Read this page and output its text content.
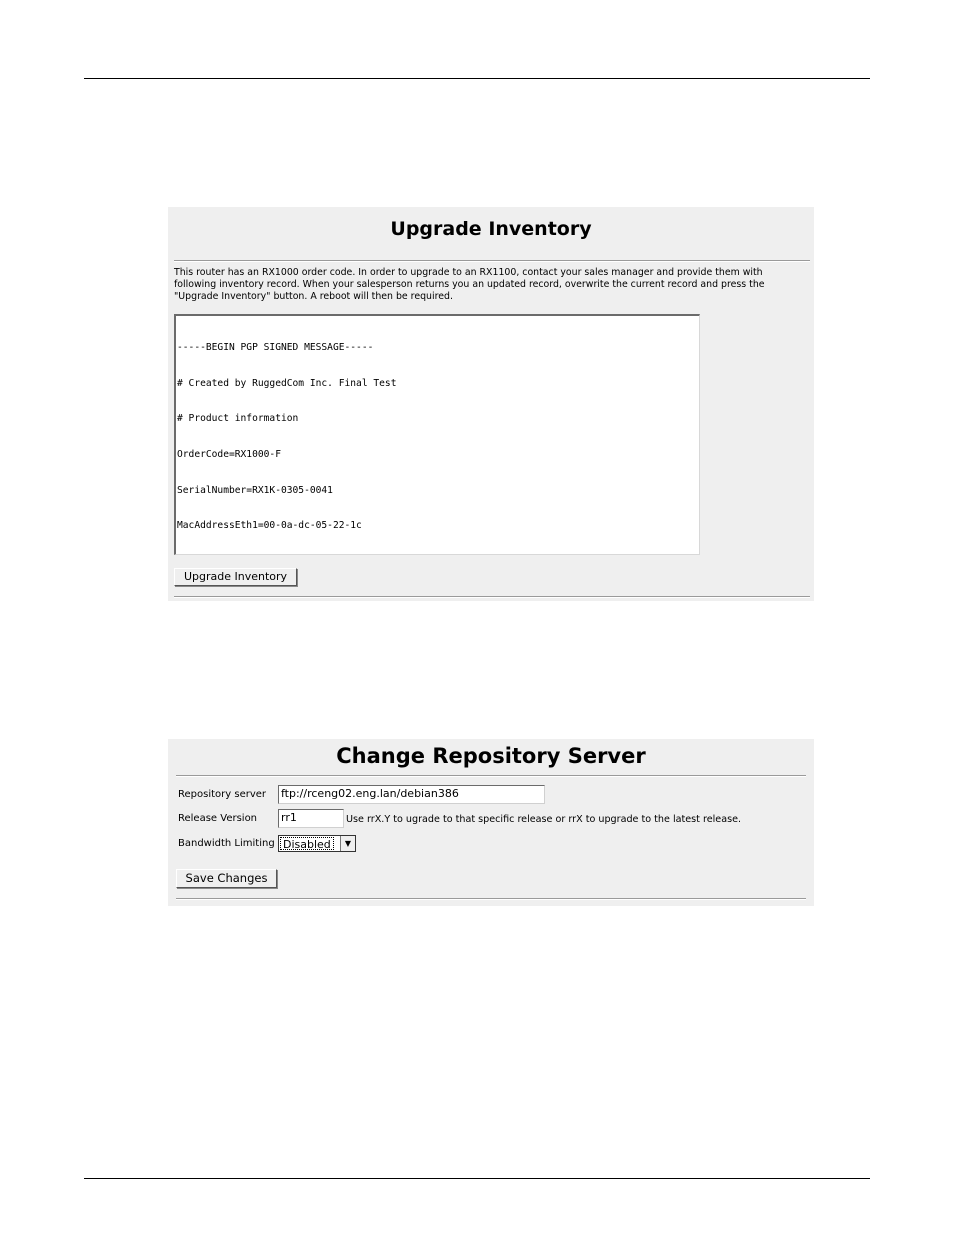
Upgrade Inventory
This router has an RX1000 order code. In order to upgrade to an RX1100, contact your sales manager and provide them with
following inventory record. When your salesperson returns you an updated record, overwrite the current record and press the
"Upgrade Inventory" button. A reboot will then be required.

-----BEGIN PGP SIGNED MESSAGE-----

# Created by RuggedCom Inc. Final Test

# Product information

OrderCode=RX1000-F

SerialNumber=RX1K-0305-0041

MacAddressEth1=00-0a-dc-05-22-1c

Upgrade Inventory
Change Repository Server
Repository server ftp://rceng02.eng.lan/debian386
Release Version rr1	Use rrX.Y to ugrade to that specific release or rrX to upgrade to the latest release.
Bandwidth Limiting Disabled	▼
Save Changes
